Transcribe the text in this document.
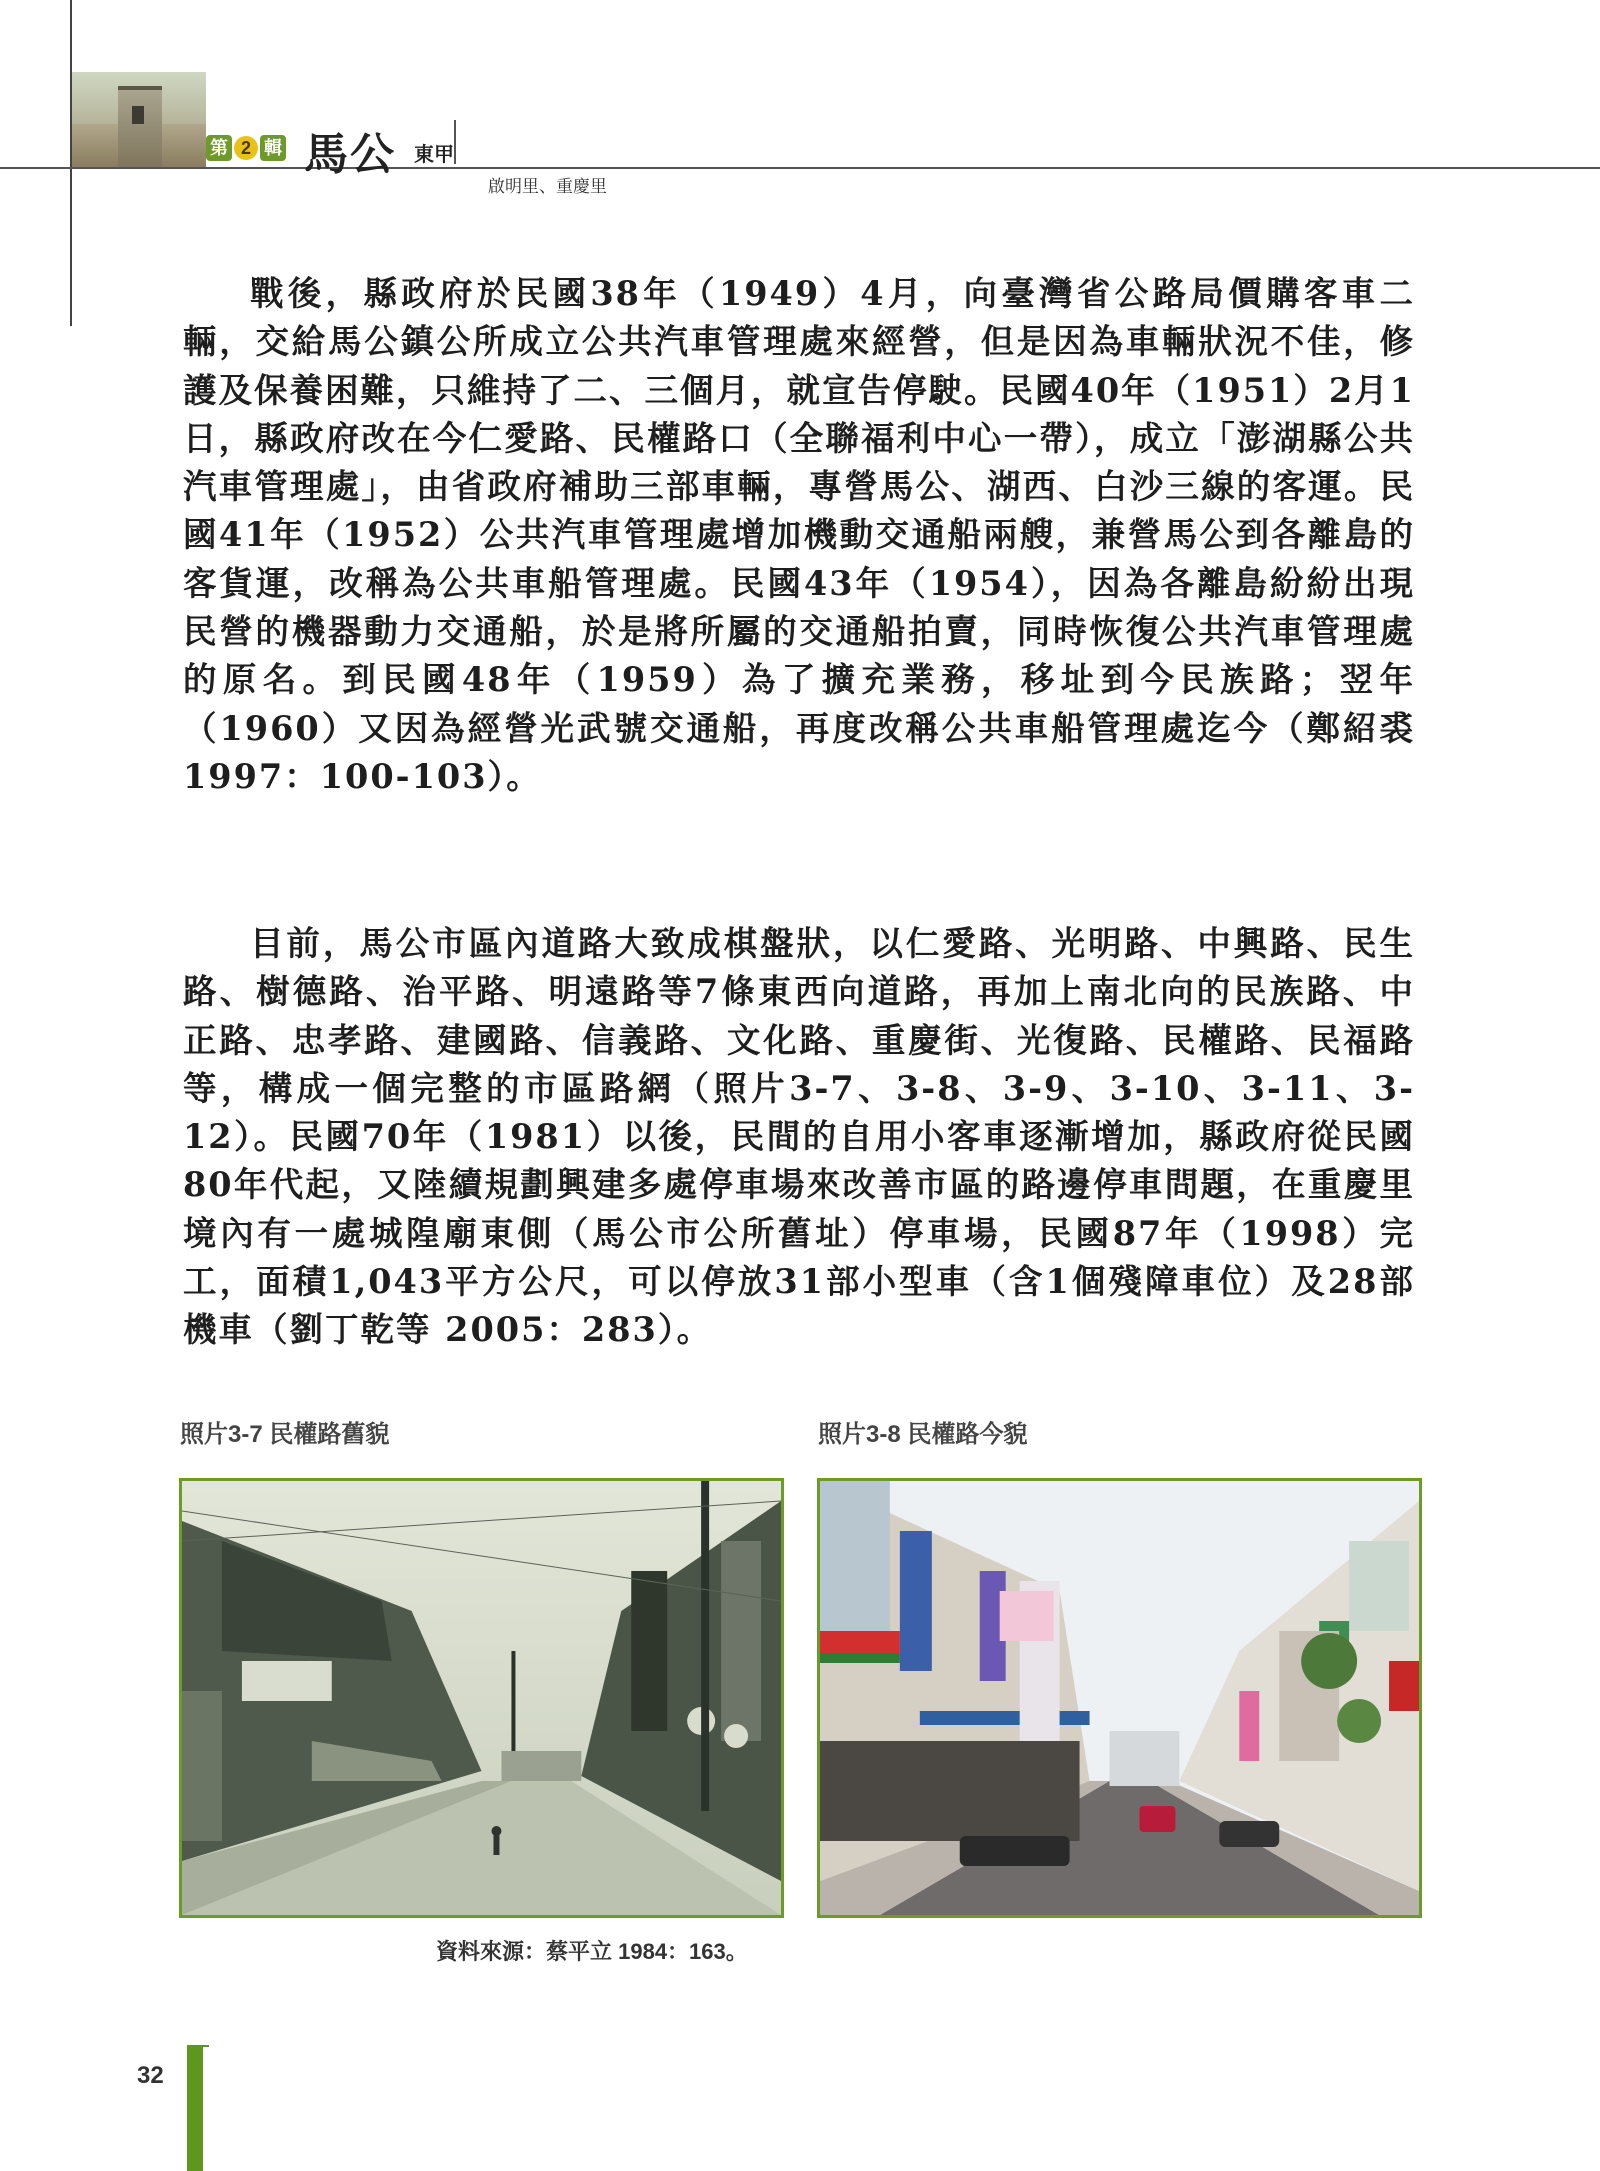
第 2 輯 馬公 東甲
啟明里、重慶里

戰後，縣政府於民國38年（1949）4月，向臺灣省公路局價購客車二輛，交給馬公鎮公所成立公共汽車管理處來經營，但是因為車輛狀況不佳，修護及保養困難，只維持了二、三個月，就宣告停駛。民國40年（1951）2月1日，縣政府改在今仁愛路、民權路口（全聯福利中心一帶），成立「澎湖縣公共汽車管理處」，由省政府補助三部車輛，專營馬公、湖西、白沙三線的客運。民國41年（1952）公共汽車管理處增加機動交通船兩艘，兼營馬公到各離島的客貨運，改稱為公共車船管理處。民國43年（1954），因為各離島紛紛出現民營的機器動力交通船，於是將所屬的交通船拍賣，同時恢復公共汽車管理處的原名。到民國48年（1959）為了擴充業務，移址到今民族路；翌年（1960）又因為經營光武號交通船，再度改稱公共車船管理處迄今（鄭紹裘 1997：100-103）。

目前，馬公市區內道路大致成棋盤狀，以仁愛路、光明路、中興路、民生路、樹德路、治平路、明遠路等7條東西向道路，再加上南北向的民族路、中正路、忠孝路、建國路、信義路、文化路、重慶街、光復路、民權路、民福路等，構成一個完整的市區路網（照片3-7、3-8、3-9、3-10、3-11、3-12）。民國70年（1981）以後，民間的自用小客車逐漸增加，縣政府從民國80年代起，又陸續規劃興建多處停車場來改善市區的路邊停車問題，在重慶里境內有一處城隍廟東側（馬公市公所舊址）停車場，民國87年（1998）完工，面積1,043平方公尺，可以停放31部小型車（含1個殘障車位）及28部機車（劉丁乾等 2005：283）。

照片3-7 民權路舊貌	照片3-8 民權路今貌
資料來源：蔡平立 1984：163。
32
